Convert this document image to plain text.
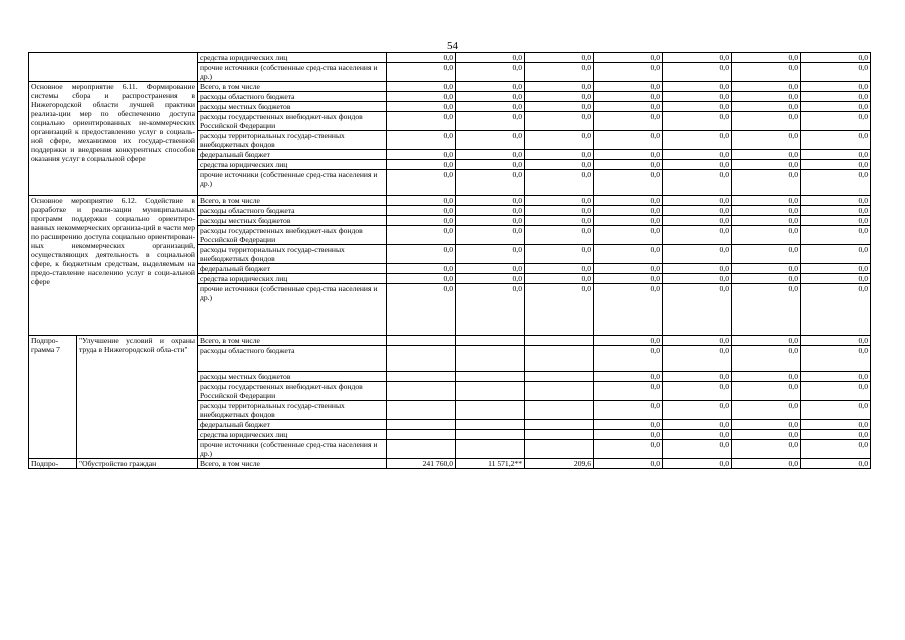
54
		средства юридических лиц	0,0	0,0	0,0	0,0	0,0	0,0	0,0
		прочие источники (собственные сред-ства населения и др.)	0,0	0,0	0,0	0,0	0,0	0,0	0,0
Основное мероприятие 6.11. Формирование системы сбора и распространения в Нижегородской области лучшей практики реализа-ции мер по обеспечению доступа социально ориентированных не-коммерческих организаций к предоставлению услуг в социаль-ной сфере, механизмов их государ-ственной поддержки и внедрения конкурентных способов оказания услуг в социальной сфере		Всего, в том числе	0,0	0,0	0,0	0,0	0,0	0,0	0,0
		расходы областного бюджета	0,0	0,0	0,0	0,0	0,0	0,0	0,0
		расходы местных бюджетов	0,0	0,0	0,0	0,0	0,0	0,0	0,0
		расходы государственных внебюджет-ных фондов Российской Федерации	0,0	0,0	0,0	0,0	0,0	0,0	0,0
		расходы территориальных государ-ственных внебюджетных фондов	0,0	0,0	0,0	0,0	0,0	0,0	0,0
		федеральный бюджет	0,0	0,0	0,0	0,0	0,0	0,0	0,0
		средства юридических лиц	0,0	0,0	0,0	0,0	0,0	0,0	0,0
		прочие источники (собственные сред-ства населения и др.)	0,0	0,0	0,0	0,0	0,0	0,0	0,0
Основное мероприятие 6.12. Содействие в разработке и реали-зации муниципальных программ поддержки социально ориентиро-ванных некоммерческих организа-ций в части мер по расширению доступа социально ориентирован-ных некоммерческих организаций, осуществляющих деятельность в социальной сфере, к бюджетным средствам, выделяемым на предо-ставление населению услуг в соци-альной сфере		Всего, в том числе	0,0	0,0	0,0	0,0	0,0	0,0	0,0
		расходы областного бюджета	0,0	0,0	0,0	0,0	0,0	0,0	0,0
		расходы местных бюджетов	0,0	0,0	0,0	0,0	0,0	0,0	0,0
		расходы государственных внебюджет-ных фондов Российской Федерации	0,0	0,0	0,0	0,0	0,0	0,0	0,0
		расходы территориальных государ-ственных внебюджетных фондов	0,0	0,0	0,0	0,0	0,0	0,0	0,0
		федеральный бюджет	0,0	0,0	0,0	0,0	0,0	0,0	0,0
		средства юридических лиц	0,0	0,0	0,0	0,0	0,0	0,0	0,0
		прочие источники (собственные сред-ства населения и др.)	0,0	0,0	0,0	0,0	0,0	0,0	0,0
Подпро-грамма 7	"Улучшение условий и охраны труда в Нижегородской обла-сти"	Всего, в том числе				0,0	0,0	0,0	0,0
		расходы областного бюджета				0,0	0,0	0,0	0,0
		расходы местных бюджетов				0,0	0,0	0,0	0,0
		расходы государственных внебюджет-ных фондов Российской Федерации				0,0	0,0	0,0	0,0
		расходы территориальных государ-ственных внебюджетных фондов				0,0	0,0	0,0	0,0
		федеральный бюджет				0,0	0,0	0,0	0,0
		средства юридических лиц				0,0	0,0	0,0	0,0
		прочие источники (собственные сред-ства населения и др.)				0,0	0,0	0,0	0,0
Подпро-	"Обустройство граждан	Всего, в том числе	241 760,0	11 571,2**	209,6	0,0	0,0	0,0	0,0
